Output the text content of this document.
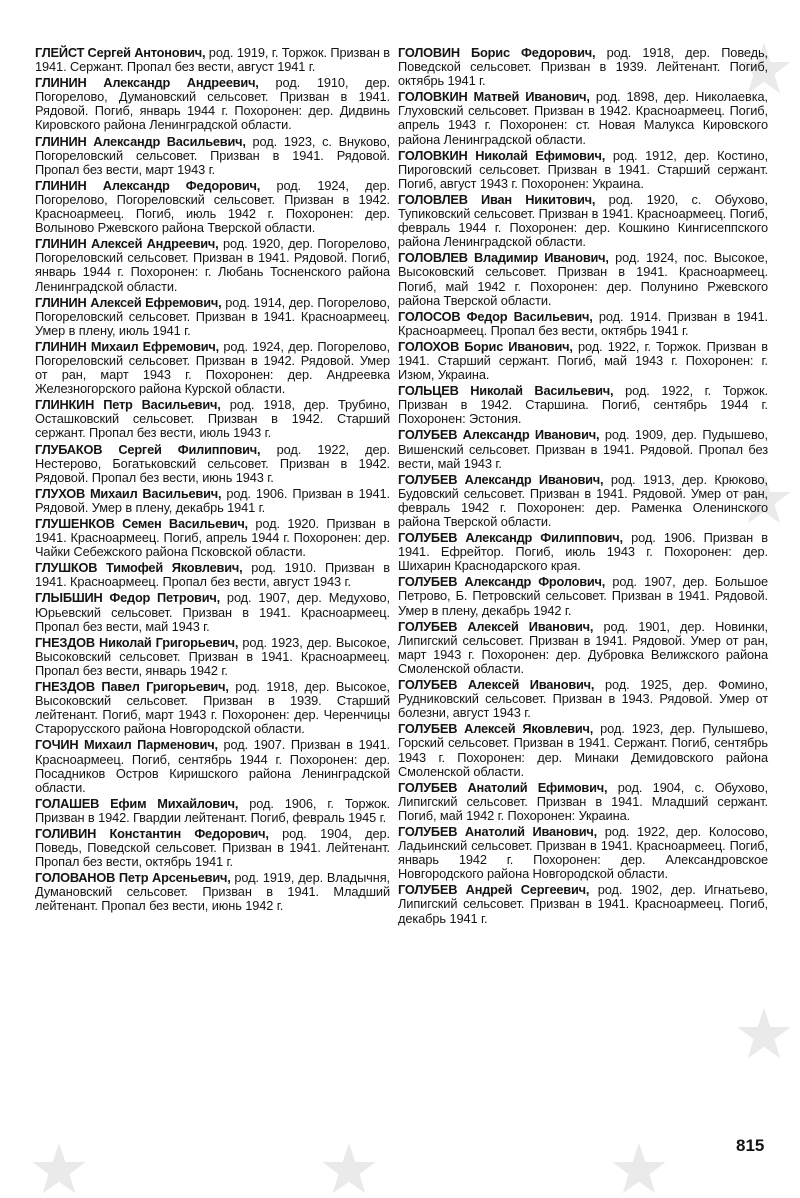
ГЛЕЙСТ Сергей Антонович, род. 1919, г. Торжок. Призван в 1941. Сержант. Пропал без вести, август 1941 г.
ГЛИНИН Александр Андреевич, род. 1910, дер. Погорелово, Думановский сельсовет. Призван в 1941. Рядовой. Погиб, январь 1944 г. Похоронен: дер. Дидвинь Кировского района Ленинградской области.
ГЛИНИН Александр Васильевич, род. 1923, с. Внуково, Погореловский сельсовет. Призван в 1941. Рядовой. Пропал без вести, март 1943 г.
ГЛИНИН Александр Федорович, род. 1924, дер. Погорелово, Погореловский сельсовет. Призван в 1942. Красноармеец. Погиб, июль 1942 г. Похоронен: дер. Волыново Ржевского района Тверской области.
ГЛИНИН Алексей Андреевич, род. 1920, дер. Погорелово, Погореловский сельсовет. Призван в 1941. Рядовой. Погиб, январь 1944 г. Похоронен: г. Любань Тосненского района Ленинградской области.
ГЛИНИН Алексей Ефремович, род. 1914, дер. Погорелово, Погореловский сельсовет. Призван в 1941. Красноармеец. Умер в плену, июль 1941 г.
ГЛИНИН Михаил Ефремович, род. 1924, дер. Погорелово, Погореловский сельсовет. Призван в 1942. Рядовой. Умер от ран, март 1943 г. Похоронен: дер. Андреевка Железногорского района Курской области.
ГЛИНКИН Петр Васильевич, род. 1918, дер. Трубино, Осташковский сельсовет. Призван в 1942. Старший сержант. Пропал без вести, июль 1943 г.
ГЛУБАКОВ Сергей Филиппович, род. 1922, дер. Нестерово, Богатьковский сельсовет. Призван в 1942. Рядовой. Пропал без вести, июнь 1943 г.
ГЛУХОВ Михаил Васильевич, род. 1906. Призван в 1941. Рядовой. Умер в плену, декабрь 1941 г.
ГЛУШЕНКОВ Семен Васильевич, род. 1920. Призван в 1941. Красноармеец. Погиб, апрель 1944 г. Похоронен: дер. Чайки Себежского района Псковской области.
ГЛУШКОВ Тимофей Яковлевич, род. 1910. Призван в 1941. Красноармеец. Пропал без вести, август 1943 г.
ГЛЫБШИН Федор Петрович, род. 1907, дер. Медухово, Юрьевский сельсовет. Призван в 1941. Красноармеец. Пропал без вести, май 1943 г.
ГНЕЗДОВ Николай Григорьевич, род. 1923, дер. Высокое, Высоковский сельсовет. Призван в 1941. Красноармеец. Пропал без вести, январь 1942 г.
ГНЕЗДОВ Павел Григорьевич, род. 1918, дер. Высокое, Высоковский сельсовет. Призван в 1939. Старший лейтенант. Погиб, март 1943 г. Похоронен: дер. Черенчицы Старорусского района Новгородской области.
ГОЧИН Михаил Парменович, род. 1907. Призван в 1941. Красноармеец. Погиб, сентябрь 1944 г. Похоронен: дер. Посадников Остров Киришского района Ленинградской области.
ГОЛАШЕВ Ефим Михайлович, род. 1906, г. Торжок. Призван в 1942. Гвардии лейтенант. Погиб, февраль 1945 г.
ГОЛИВИН Константин Федорович, род. 1904, дер. Поведь, Поведской сельсовет. Призван в 1941. Лейтенант. Пропал без вести, октябрь 1941 г.
ГОЛОВАНОВ Петр Арсеньевич, род. 1919, дер. Владычня, Думановский сельсовет. Призван в 1941. Младший лейтенант. Пропал без вести, июнь 1942 г.
ГОЛОВИН Борис Федорович, род. 1918, дер. Поведь, Поведской сельсовет. Призван в 1939. Лейтенант. Погиб, октябрь 1941 г.
ГОЛОВКИН Матвей Иванович, род. 1898, дер. Николаевка, Глуховский сельсовет. Призван в 1942. Красноармеец. Погиб, апрель 1943 г. Похоронен: ст. Новая Малукса Кировского района Ленинградской области.
ГОЛОВКИН Николай Ефимович, род. 1912, дер. Костино, Пироговский сельсовет. Призван в 1941. Старший сержант. Погиб, август 1943 г. Похоронен: Украина.
ГОЛОВЛЕВ Иван Никитович, род. 1920, с. Обухово, Тупиковский сельсовет. Призван в 1941. Красноармеец. Погиб, февраль 1944 г. Похоронен: дер. Кошкино Кингисеппского района Ленинградской области.
ГОЛОВЛЕВ Владимир Иванович, род. 1924, пос. Высокое, Высоковский сельсовет. Призван в 1941. Красноармеец. Погиб, май 1942 г. Похоронен: дер. Полунино Ржевского района Тверской области.
ГОЛОСОВ Федор Васильевич, род. 1914. Призван в 1941. Красноармеец. Пропал без вести, октябрь 1941 г.
ГОЛОХОВ Борис Иванович, род. 1922, г. Торжок. Призван в 1941. Старший сержант. Погиб, май 1943 г. Похоронен: г. Изюм, Украина.
ГОЛЬЦЕВ Николай Васильевич, род. 1922, г. Торжок. Призван в 1942. Старшина. Погиб, сентябрь 1944 г. Похоронен: Эстония.
ГОЛУБЕВ Александр Иванович, род. 1909, дер. Пудышево, Вишенский сельсовет. Призван в 1941. Рядовой. Пропал без вести, май 1943 г.
ГОЛУБЕВ Александр Иванович, род. 1913, дер. Крюково, Будовский сельсовет. Призван в 1941. Рядовой. Умер от ран, февраль 1942 г. Похоронен: дер. Раменка Оленинского района Тверской области.
ГОЛУБЕВ Александр Филиппович, род. 1906. Призван в 1941. Ефрейтор. Погиб, июль 1943 г. Похоронен: дер. Шихарин Краснодарского края.
ГОЛУБЕВ Александр Фролович, род. 1907, дер. Большое Петрово, Б. Петровский сельсовет. Призван в 1941. Рядовой. Умер в плену, декабрь 1942 г.
ГОЛУБЕВ Алексей Иванович, род. 1901, дер. Новинки, Липигский сельсовет. Призван в 1941. Рядовой. Умер от ран, март 1943 г. Похоронен: дер. Дубровка Велижского района Смоленской области.
ГОЛУБЕВ Алексей Иванович, род. 1925, дер. Фомино, Рудниковский сельсовет. Призван в 1943. Рядовой. Умер от болезни, август 1943 г.
ГОЛУБЕВ Алексей Яковлевич, род. 1923, дер. Пулышево, Горский сельсовет. Призван в 1941. Сержант. Погиб, сентябрь 1943 г. Похоронен: дер. Минаки Демидовского района Смоленской области.
ГОЛУБЕВ Анатолий Ефимович, род. 1904, с. Обухово, Липигский сельсовет. Призван в 1941. Младший сержант. Погиб, май 1942 г. Похоронен: Украина.
ГОЛУБЕВ Анатолий Иванович, род. 1922, дер. Колосово, Ладьинский сельсовет. Призван в 1941. Красноармеец. Погиб, январь 1942 г. Похоронен: дер. Александровское Новгородского района Новгородской области.
ГОЛУБЕВ Андрей Сергеевич, род. 1902, дер. Игнатьево, Липигский сельсовет. Призван в 1941. Красноармеец. Погиб, декабрь 1941 г.
815
